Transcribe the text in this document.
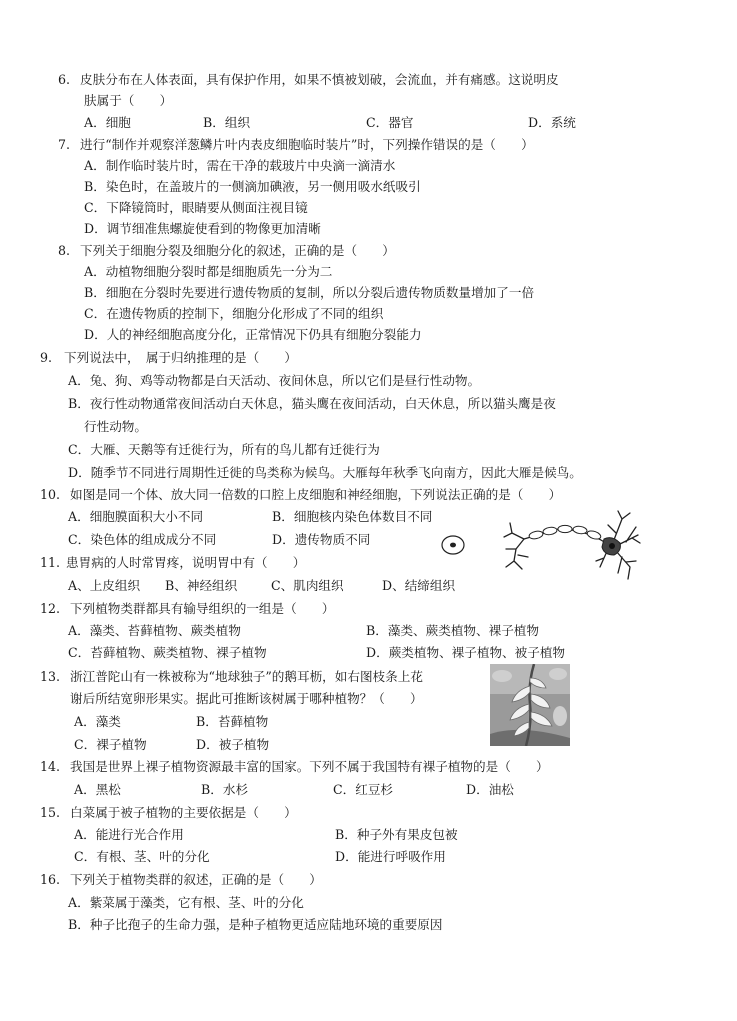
6. 皮肤分布在人体表面，具有保护作用，如果不慎被划破，会流血，并有痛感。这说明皮
肤属于（　　）
A．细胞	B．组织	C．器官	D．系统
7. 进行“制作并观察洋葱鳞片叶内表皮细胞临时装片”时，下列操作错误的是（　　）
A．制作临时装片时，需在干净的载玻片中央滴一滴清水
B．染色时，在盖玻片的一侧滴加碘液，另一侧用吸水纸吸引
C．下降镜筒时，眼睛要从侧面注视目镜
D．调节细准焦螺旋使看到的物像更加清晰
8. 下列关于细胞分裂及细胞分化的叙述，正确的是（　　）
A．动植物细胞分裂时都是细胞质先一分为二
B．细胞在分裂时先要进行遗传物质的复制，所以分裂后遗传物质数量增加了一倍
C．在遗传物质的控制下，细胞分化形成了不同的组织
D．人的神经细胞高度分化，正常情况下仍具有细胞分裂能力
9. 下列说法中，　属于归纳推理的是（　　）
A．兔、狗、鸡等动物都是白天活动、夜间休息，所以它们是昼行性动物。
B．夜行性动物通常夜间活动白天休息，猫头鹰在夜间活动，白天休息，所以猫头鹰是夜
行性动物。
C．大雁、天鹅等有迁徙行为，所有的鸟儿都有迁徙行为
D．随季节不同进行周期性迁徙的鸟类称为候鸟。大雁每年秋季飞向南方，因此大雁是候鸟。
10. 如图是同一个体、放大同一倍数的口腔上皮细胞和神经细胞，下列说法正确的是（　　）
A．细胞膜面积大小不同	B．细胞核内染色体数目不同
C．染色体的组成成分不同	D．遗传物质不同
11. 患胃病的人时常胃疼，说明胃中有（　　）
A、上皮组织 B、神经组织	C、肌肉组织	D、结缔组织
12. 下列植物类群都具有输导组织的一组是（　　）
A．藻类、苔藓植物、蕨类植物	B．藻类、蕨类植物、裸子植物
C．苔藓植物、蕨类植物、裸子植物	D．蕨类植物、裸子植物、被子植物
13. 浙江普陀山有一株被称为“地球独子”的鹅耳枥，如右图枝条上花
谢后所结宽卵形果实。据此可推断该树属于哪种植物？（　　）
A．藻类	B．苔藓植物
C．裸子植物	D．被子植物
14. 我国是世界上裸子植物资源最丰富的国家。下列不属于我国特有裸子植物的是（　　）
A．黑松	B．水杉	C．红豆杉	D．油松
15. 白菜属于被子植物的主要依据是（　　）
A．能进行光合作用	B．种子外有果皮包被
C．有根、茎、叶的分化	D．能进行呼吸作用
16. 下列关于植物类群的叙述，正确的是（　　）
A．紫菜属于藻类，它有根、茎、叶的分化
B．种子比孢子的生命力强，是种子植物更适应陆地环境的重要原因
